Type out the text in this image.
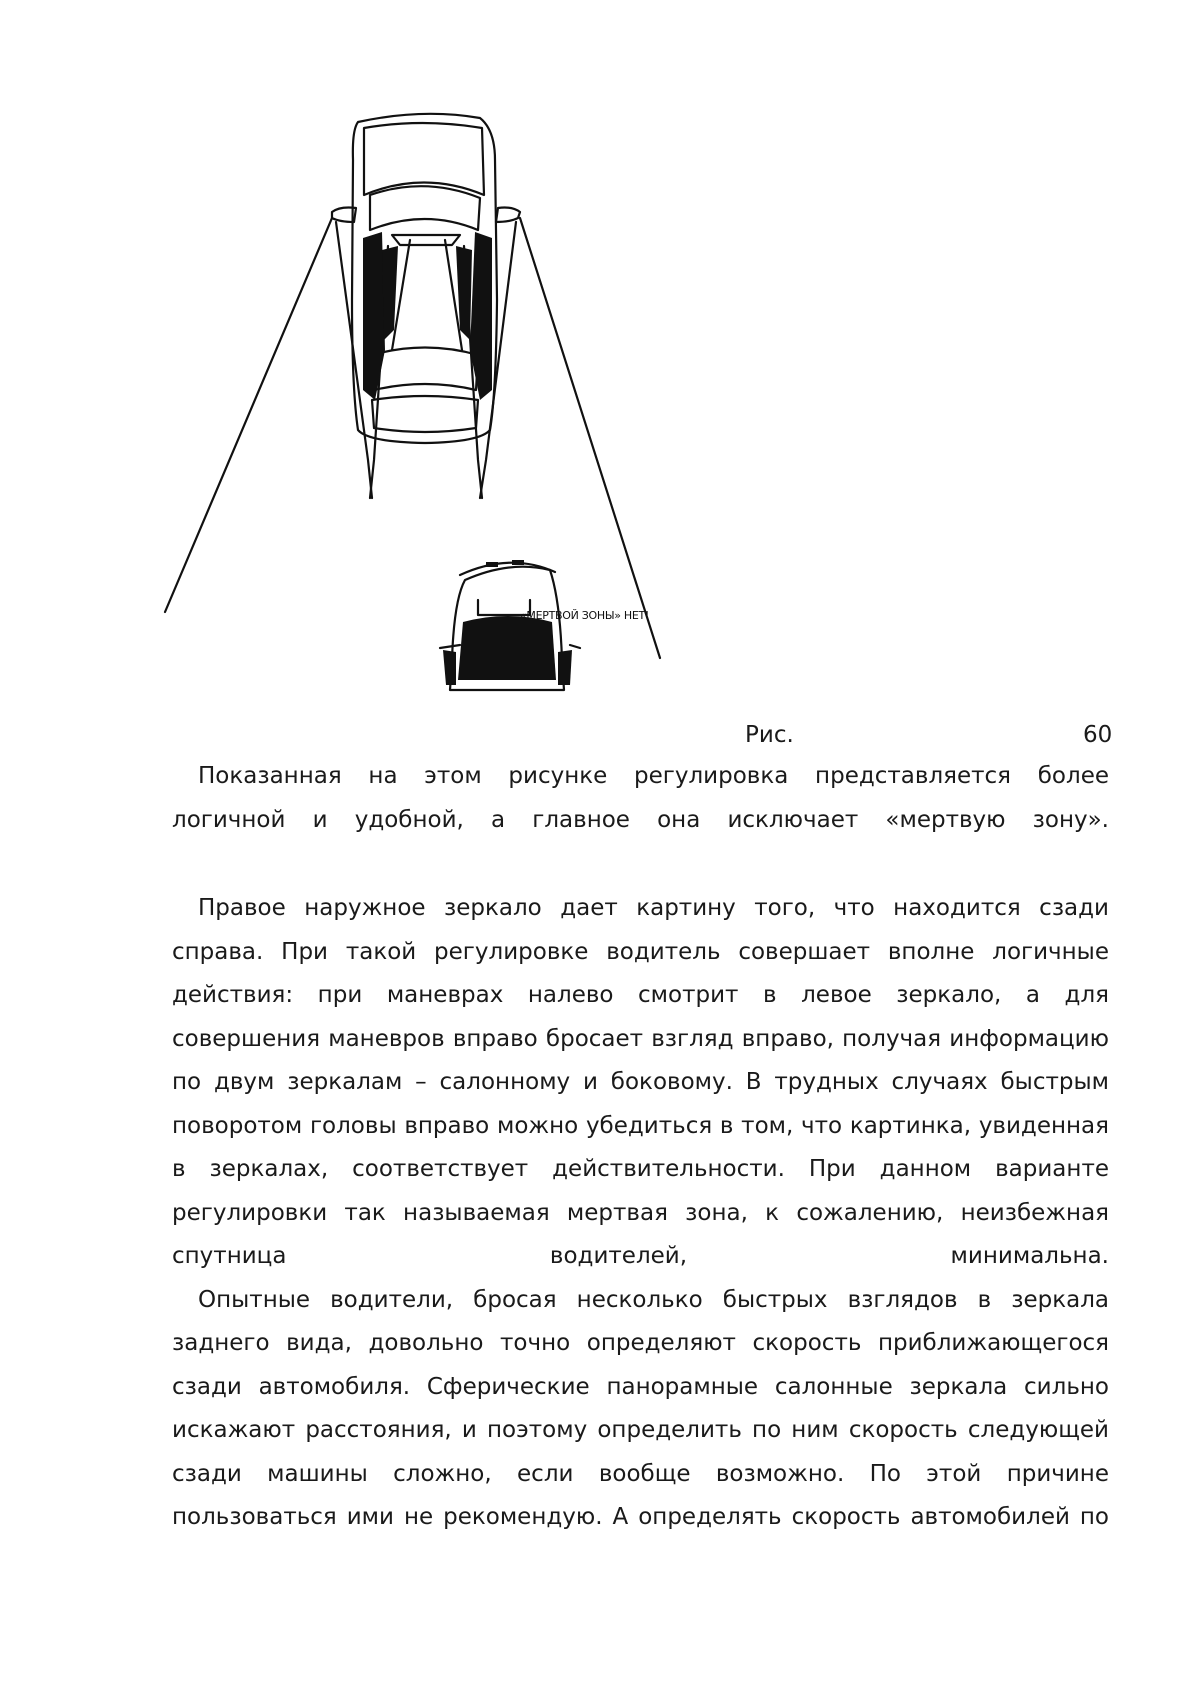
«МЕРТВОЙ ЗОНЫ» НЕТ!
Рис.	60

Показанная на этом рисунке регулировка представляется более логичной и удобной, а главное она исключает «мертвую зону».

Правое наружное зеркало дает картину того, что находится сзади справа. При такой регулировке водитель совершает вполне логичные действия: при маневрах налево смотрит в левое зеркало, а для совершения маневров вправо бросает взгляд вправо, получая информацию по двум зеркалам – салонному и боковому. В трудных случаях быстрым поворотом головы вправо можно убедиться в том, что картинка, увиденная в зеркалах, соответствует действительности. При данном варианте регулировки так называемая мертвая зона, к сожалению, неизбежная спутница водителей, минимальна.

Опытные водители, бросая несколько быстрых взглядов в зеркала заднего вида, довольно точно определяют скорость приближающегося сзади автомобиля. Сферические панорамные салонные зеркала сильно искажают расстояния, и поэтому определить по ним скорость следующей сзади машины сложно, если вообще возможно. По этой причине пользоваться ими не рекомендую. А определять скорость автомобилей по
